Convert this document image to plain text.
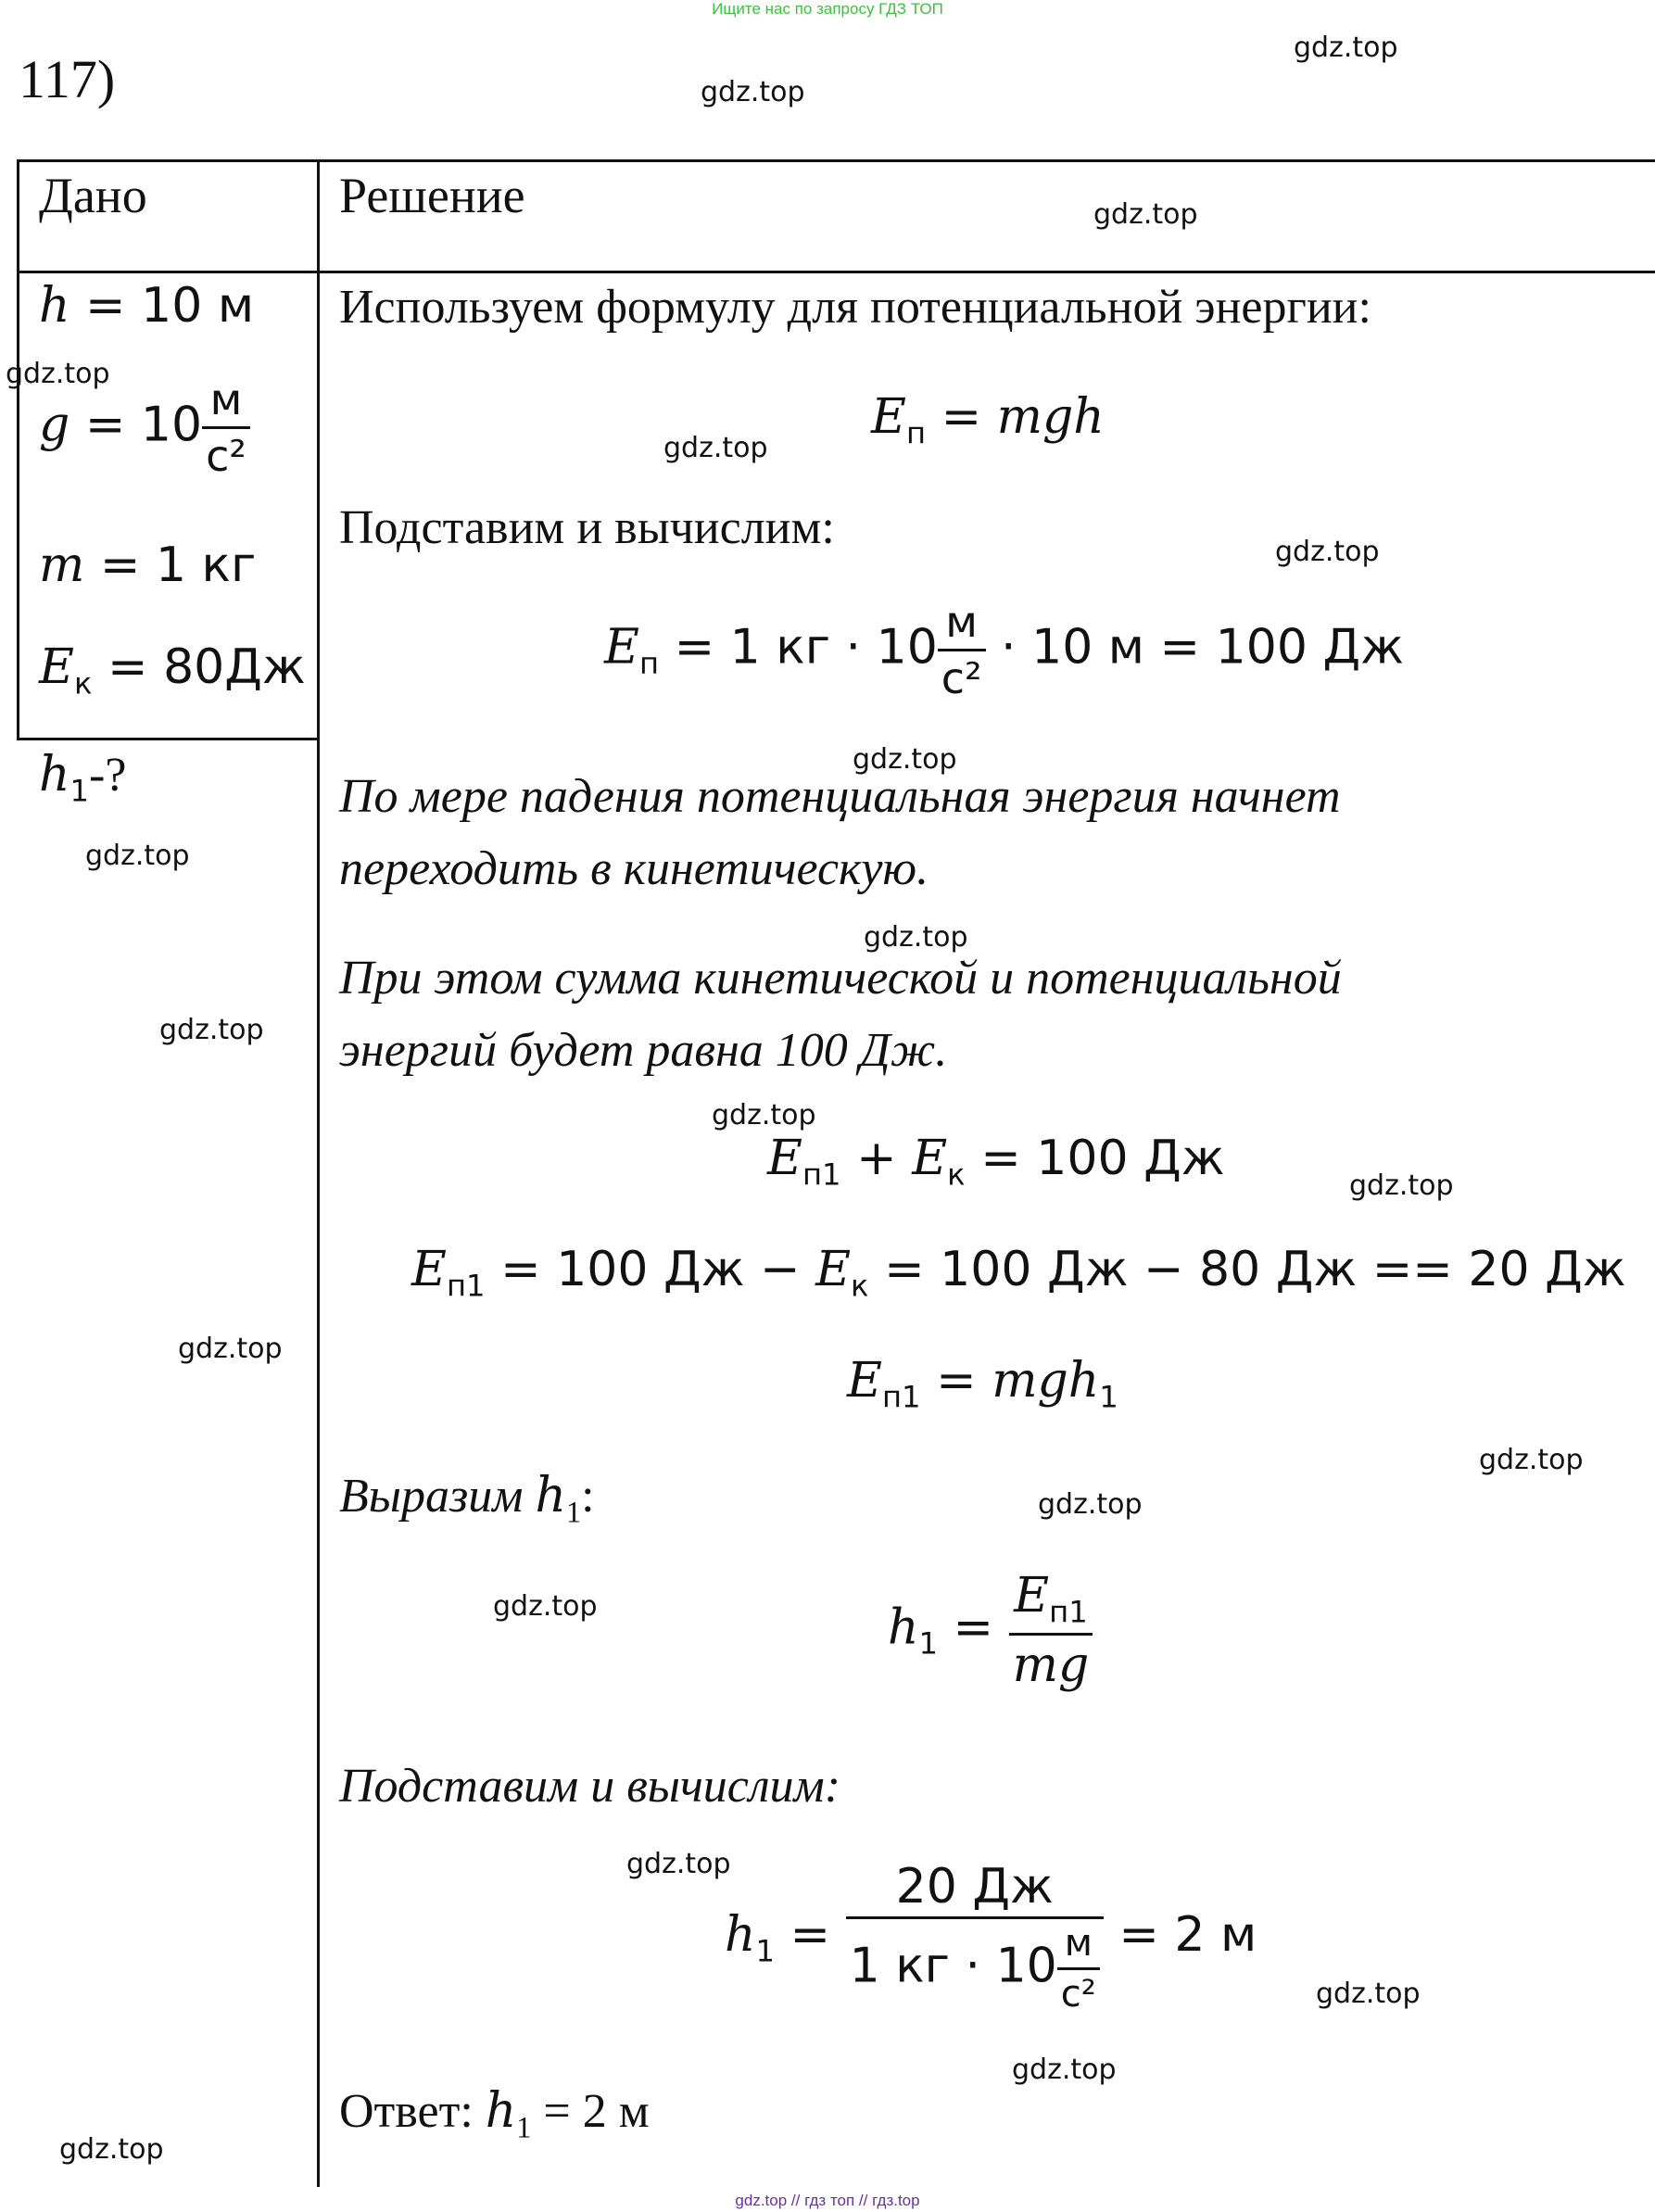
Ищите нас по запросу ГДЗ ТОП
117)
Дано	Решение
h = 10 м
$g = 10 \frac{м}{\text{с²}}$
m = 1 кг
$E_к = 80Дж$
$h_1-$?
Используем формулу для потенциальной энергии:
$E_п$ = mgh
Подставим и вычислим:
$E_п = 1$ кг · $10 \frac{м}{\text{с²}} \cdot 10$ м = 100 Дж
По мере падения потенциальная энергия начнет
переходить в кинетическую.
При этом сумма кинетической и потенциальной
энергий будет равна 100 Дж.
$E_{п1} + E_к = 100$ Дж
$E_{п1} = 100$ Дж − $E_к = 100$ Дж − 80 Дж == 20 Дж
$E_{п1} = mgh_1$
Выразим $h_1$:
$h_1 = \frac{E_{п1}}{mg}$
Подставим и вычислим:
$h_1 = \frac{20 Дж}{1 кг \cdot 10 \frac{м}{\text{с²}}} = 2$ м
Ответ: $h_1 = 2$ м
gdz.top
gdz.top
gdz.top
gdz.top
gdz.top
gdz.top
gdz.top
gdz.top
gdz.top
gdz.top
gdz.top
gdz.top
gdz.top
gdz.top
gdz.top
gdz.top
gdz.top
gdz.top
gdz.top
gdz.top
gdz.top // гдз топ // гдз.top
